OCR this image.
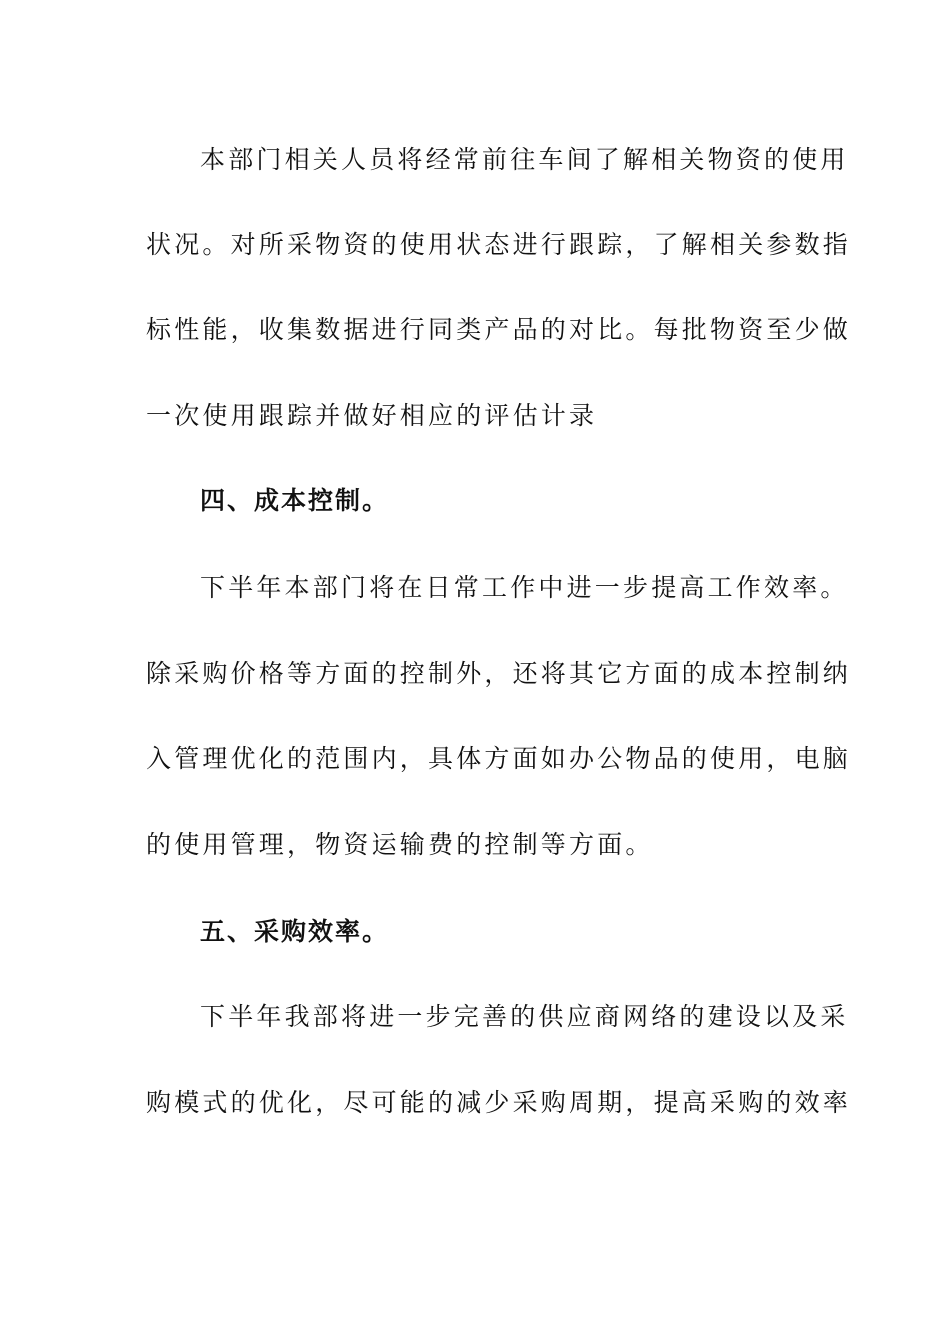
本部门相关人员将经常前往车间了解相关物资的使用
状况。对所采物资的使用状态进行跟踪，了解相关参数指
标性能，收集数据进行同类产品的对比。每批物资至少做
一次使用跟踪并做好相应的评估计录
四、成本控制。
下半年本部门将在日常工作中进一步提高工作效率。
除采购价格等方面的控制外，还将其它方面的成本控制纳
入管理优化的范围内，具体方面如办公物品的使用，电脑
的使用管理，物资运输费的控制等方面。
五、采购效率。
下半年我部将进一步完善的供应商网络的建设以及采
购模式的优化，尽可能的减少采购周期，提高采购的效率
